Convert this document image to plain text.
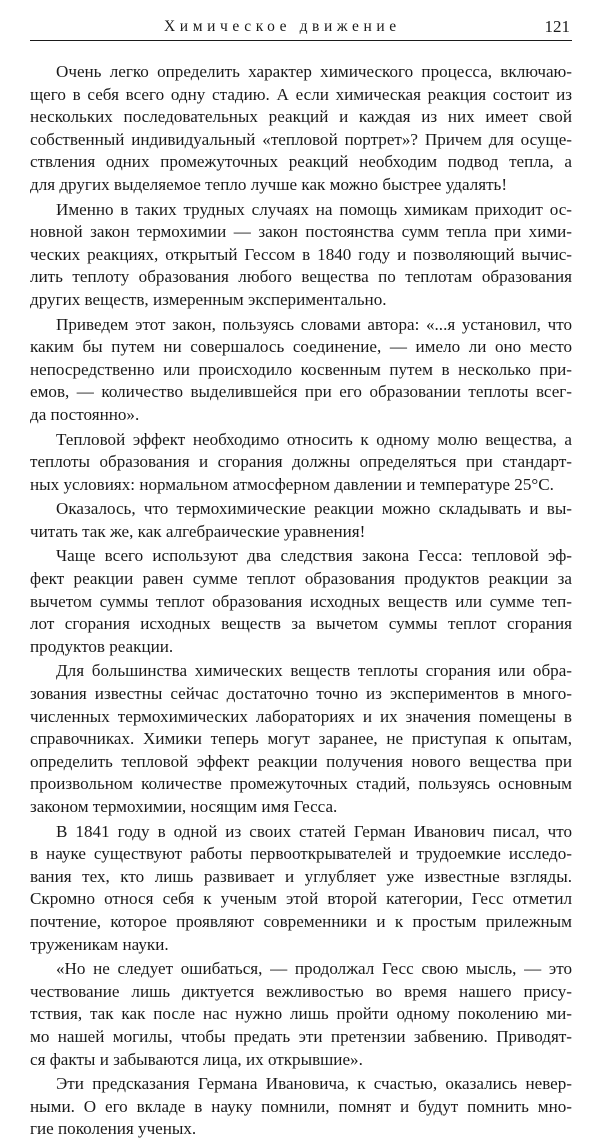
Химическое движение	121
Очень легко определить характер химического процесса, включаю-
щего в себя всего одну стадию. А если химическая реакция состоит из
нескольких последовательных реакций и каждая из них имеет свой
собственный индивидуальный «тепловой портрет»? Причем для осуще-
ствления одних промежуточных реакций необходим подвод тепла, а
для других выделяемое тепло лучше как можно быстрее удалять!
Именно в таких трудных случаях на помощь химикам приходит ос-
новной закон термохимии — закон постоянства сумм тепла при хими-
ческих реакциях, открытый Гессом в 1840 году и позволяющий вычис-
лить теплоту образования любого вещества по теплотам образования
других веществ, измеренным экспериментально.
Приведем этот закон, пользуясь словами автора: «...я установил, что
каким бы путем ни совершалось соединение, — имело ли оно место
непосредственно или происходило косвенным путем в несколько при-
емов, — количество выделившейся при его образовании теплоты всег-
да постоянно».
Тепловой эффект необходимо относить к одному молю вещества, а
теплоты образования и сгорания должны определяться при стандарт-
ных условиях: нормальном атмосферном давлении и температуре 25°С.
Оказалось, что термохимические реакции можно складывать и вы-
читать так же, как алгебраические уравнения!
Чаще всего используют два следствия закона Гесса: тепловой эф-
фект реакции равен сумме теплот образования продуктов реакции за
вычетом суммы теплот образования исходных веществ или сумме теп-
лот сгорания исходных веществ за вычетом суммы теплот сгорания
продуктов реакции.
Для большинства химических веществ теплоты сгорания или обра-
зования известны сейчас достаточно точно из экспериментов в много-
численных термохимических лабораториях и их значения помещены в
справочниках. Химики теперь могут заранее, не приступая к опытам,
определить тепловой эффект реакции получения нового вещества при
произвольном количестве промежуточных стадий, пользуясь основным
законом термохимии, носящим имя Гесса.
В 1841 году в одной из своих статей Герман Иванович писал, что
в науке существуют работы первооткрывателей и трудоемкие исследо-
вания тех, кто лишь развивает и углубляет уже известные взгляды.
Скромно относя себя к ученым этой второй категории, Гесс отметил
почтение, которое проявляют современники и к простым прилежным
труженикам науки.
«Но не следует ошибаться, — продолжал Гесс свою мысль, — это
чествование лишь диктуется вежливостью во время нашего прису-
тствия, так как после нас нужно лишь пройти одному поколению ми-
мо нашей могилы, чтобы предать эти претензии забвению. Приводят-
ся факты и забываются лица, их открывшие».
Эти предсказания Германа Ивановича, к счастью, оказались невер-
ными. О его вкладе в науку помнили, помнят и будут помнить мно-
гие поколения ученых.
